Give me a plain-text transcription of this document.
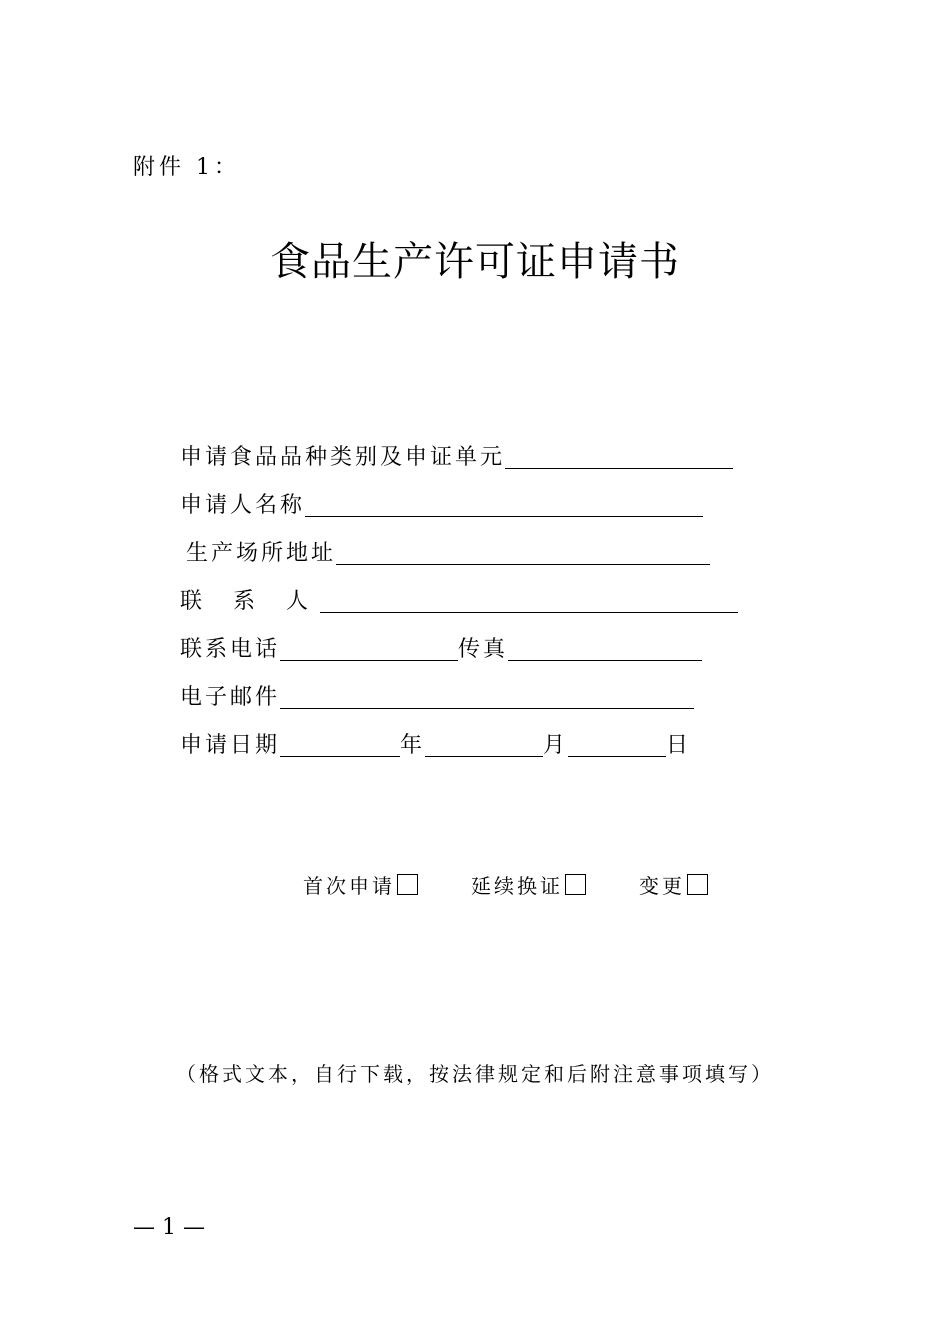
附件 1：
食品生产许可证申请书
申请食品品种类别及申证单元
申请人名称
生产场所地址
联 系 人
联系电话	传真
电子邮件
申请日期	年	月	日
首次申请	延续换证	变更
（格式文本，自行下载，按法律规定和后附注意事项填写）
— 1 —
